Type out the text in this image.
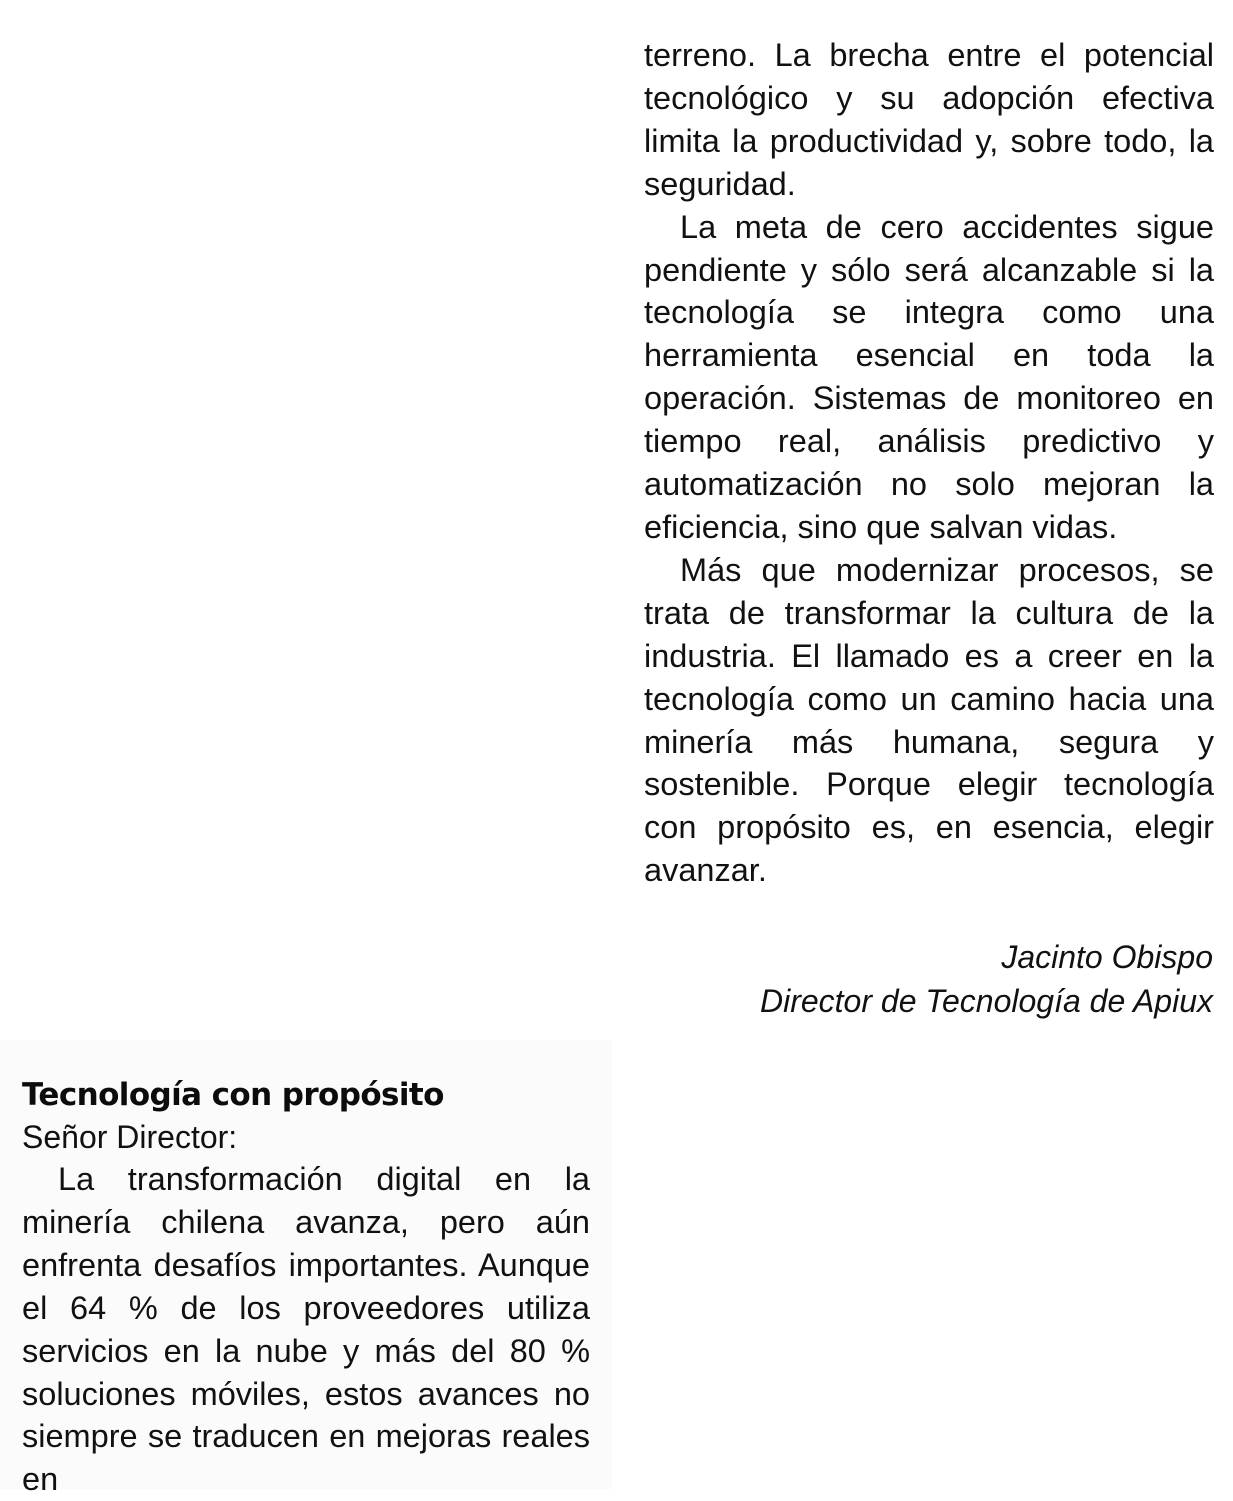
terreno. La brecha entre el potencial tecnológico y su adopción efectiva limita la productividad y, sobre todo, la seguridad.

La meta de cero accidentes sigue pendiente y sólo será alcanzable si la tecnología se integra como una herramienta esencial en toda la operación. Sistemas de monitoreo en tiempo real, análisis predictivo y automatización no solo mejoran la eficiencia, sino que salvan vidas.

Más que modernizar procesos, se trata de transformar la cultura de la industria. El llamado es a creer en la tecnología como un camino hacia una minería más humana, segura y sostenible. Porque elegir tecnología con propósito es, en esencia, elegir avanzar.

Jacinto Obispo
Director de Tecnología de Apiux
Tecnología con propósito

Señor Director:

La transformación digital en la minería chilena avanza, pero aún enfrenta desafíos importantes. Aunque el 64 % de los proveedores utiliza servicios en la nube y más del 80 % soluciones móviles, estos avances no siempre se traducen en mejoras reales en
